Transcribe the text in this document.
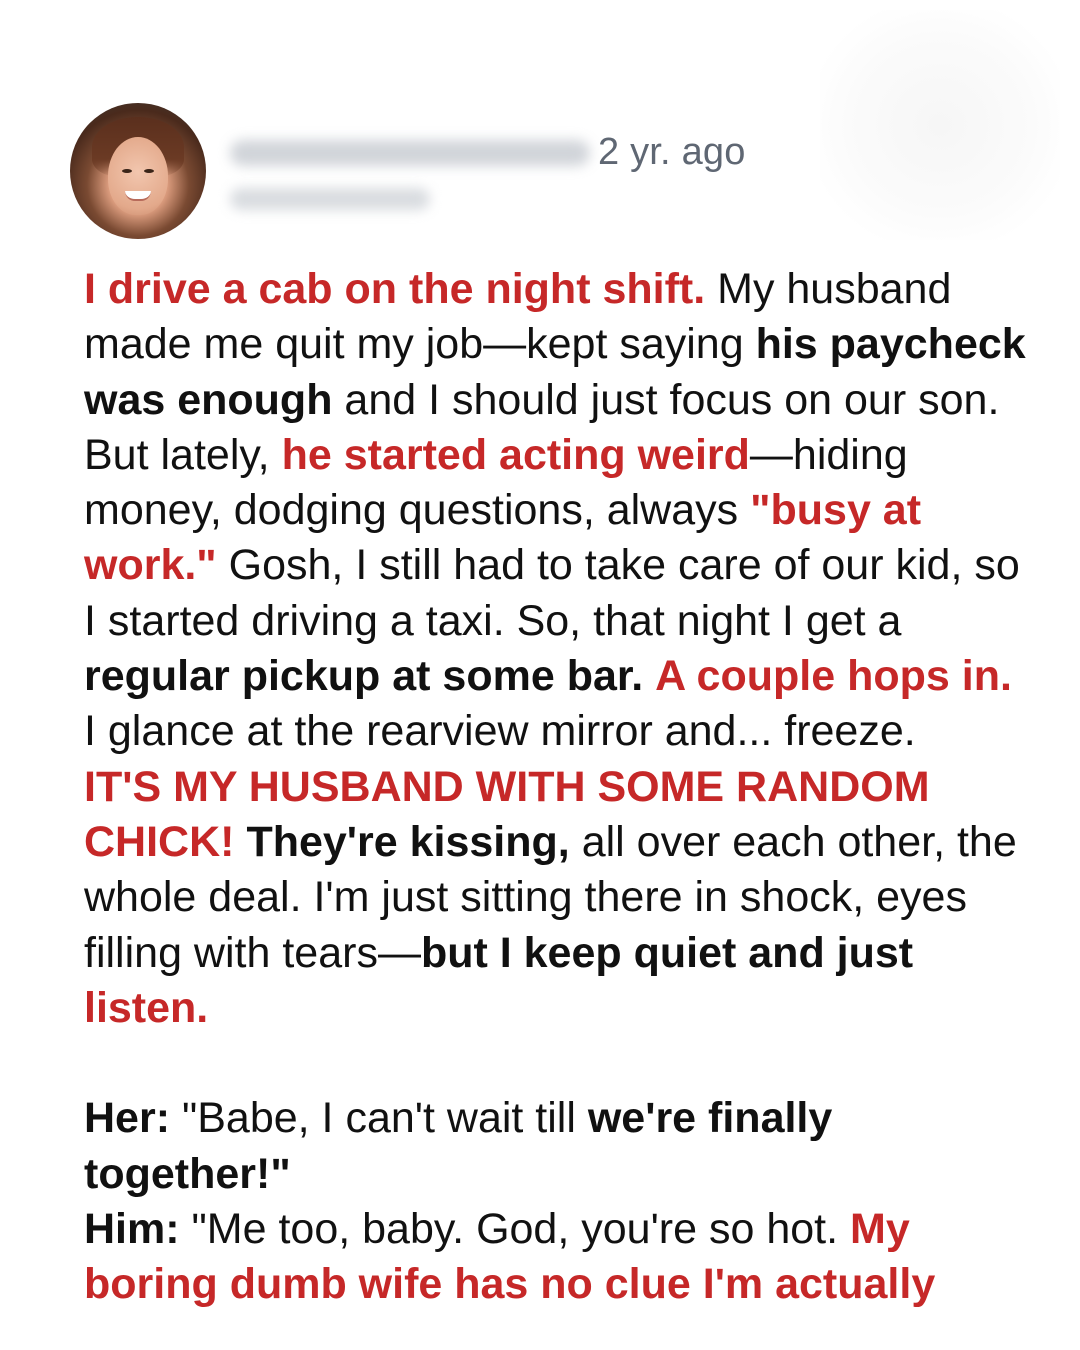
2 yr. ago

I drive a cab on the night shift. My husband made me quit my job—kept saying his paycheck was enough and I should just focus on our son. But lately, he started acting weird—hiding money, dodging questions, always "busy at work." Gosh, I still had to take care of our kid, so I started driving a taxi. So, that night I get a regular pickup at some bar. A couple hops in.
I glance at the rearview mirror and... freeze.
IT'S MY HUSBAND WITH SOME RANDOM CHICK! They're kissing, all over each other, the whole deal. I'm just sitting there in shock, eyes filling with tears—but I keep quiet and just listen.

Her: "Babe, I can't wait till we're finally together!"

Him: "Me too, baby. God, you're so hot. My boring dumb wife has no clue I'm actually
